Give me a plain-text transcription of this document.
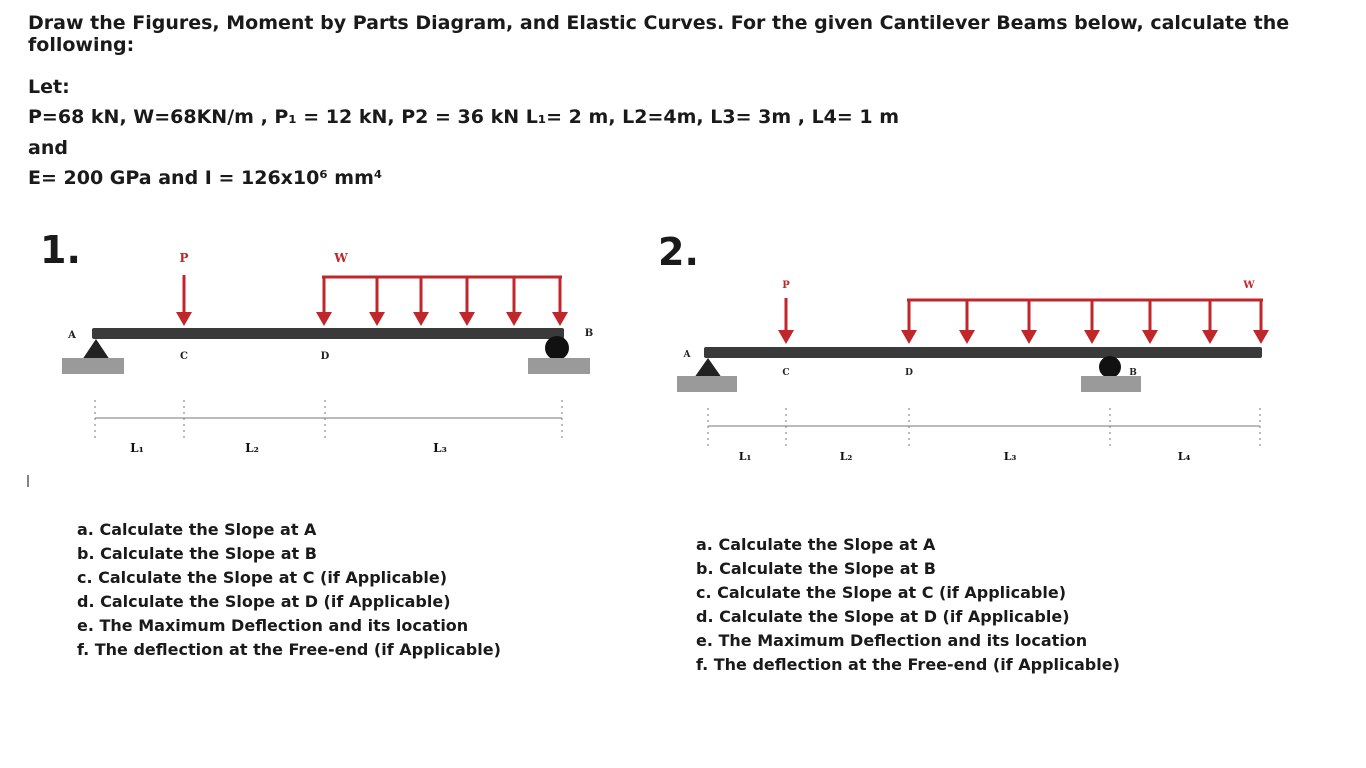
Draw the Figures, Moment by Parts Diagram, and Elastic Curves. For the given Cantilever Beams below, calculate the following:
Let:
P=68 kN, W=68KN/m , P₁ = 12 kN, P2 = 36 kN L₁= 2 m, L2=4m, L3= 3m , L4= 1 m
and
E= 200 GPa and I = 126x10⁶ mm⁴
1.	2.
P	W
A	B
C	D
L₁	L₂	L₃
P	W
A
B
C	D
L₁	L₂	L₃	L₄
a. Calculate the Slope at A
b. Calculate the Slope at B
c. Calculate the Slope at C (if Applicable)
d. Calculate the Slope at D (if Applicable)
e. The Maximum Deflection and its location
f. The deflection at the Free-end (if Applicable)
a. Calculate the Slope at A
b. Calculate the Slope at B
c. Calculate the Slope at C (if Applicable)
d. Calculate the Slope at D (if Applicable)
e. The Maximum Deflection and its location
f. The deflection at the Free-end (if Applicable)
